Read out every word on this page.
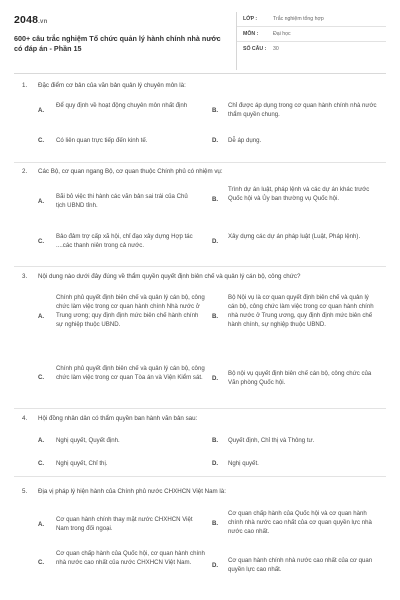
2048.vn
600+ câu trắc nghiệm Tổ chức quản lý hành chính nhà nước có đáp án - Phần 15
LỚP :	Trắc nghiệm tổng hợp
MÔN :	Đại học
SỐ CÂU : 30
1. Đặc điểm cơ bản của văn bản quản lý chuyên môn là:
A.
Để quy định về hoạt động chuyên môn nhất định
B.
Chỉ được áp dụng trong cơ quan hành chính nhà nước thẩm quyền chung.
C. Có liên quan trực tiếp đến kinh tế.	D. Dễ áp dụng.
2. Các Bộ, cơ quan ngang Bộ, cơ quan thuộc Chính phủ có nhiệm vụ:
A.
Bãi bỏ việc thi hành các văn bản sai trái của Chủ tịch UBND tỉnh.
B.
Trình dự án luật, pháp lệnh và các dự án khác trước Quốc hội và Ủy ban thường vụ Quốc hội.
C.
Bảo đảm trợ cấp xã hội, chỉ đạo xây dựng Hợp tác ....các thanh niên trong cả nước.
D.
Xây dựng các dự án pháp luật (Luật, Pháp lệnh).
3. Nội dung nào dưới đây đúng về thẩm quyền quyết định biên chế và quản lý cán bộ, công chức?
A.
Chính phủ quyết định biên chế và quản lý cán bộ, công chức làm việc trong cơ quan hành chính Nhà nước ở Trung ương; quy định định mức biên chế hành chính sự nghiệp thuộc UBND.
B.
Bộ Nội vụ là cơ quan quyết định biên chế và quản lý cán bộ, công chức làm việc trong cơ quan hành chính nhà nước ở Trung ương, quy định định mức biên chế hành chính, sự nghiệp thuộc UBND.
C.
Chính phủ quyết định biên chế và quản lý cán bộ, công chức làm việc trong cơ quan Tòa án và Viện Kiểm sát.	D.
Bộ nội vụ quyết định biên chế cán bộ, công chức của Văn phòng Quốc hội.
4. Hội đồng nhân dân có thẩm quyền ban hành văn bản sau:
A. Nghị quyết, Quyết định.	B. Quyết định, Chỉ thị và Thông tư.
C. Nghị quyết, Chỉ thị.	D. Nghị quyết.
5. Địa vị pháp lý hiện hành của Chính phủ nước CHXHCN Việt Nam là:
A.
Cơ quan hành chính thay mặt nước CHXHCN Việt Nam trong đối ngoại.
B.
Cơ quan chấp hành của Quốc hội và cơ quan hành chính nhà nước cao nhất của cơ quan quyền lực nhà nước cao nhất.
C.
Cơ quan chấp hành của Quốc hội, cơ quan hành chính nhà nước cao nhất của nước CHXHCN Việt Nam.	D.
Cơ quan hành chính nhà nước cao nhất của cơ quan quyền lực cao nhất.
